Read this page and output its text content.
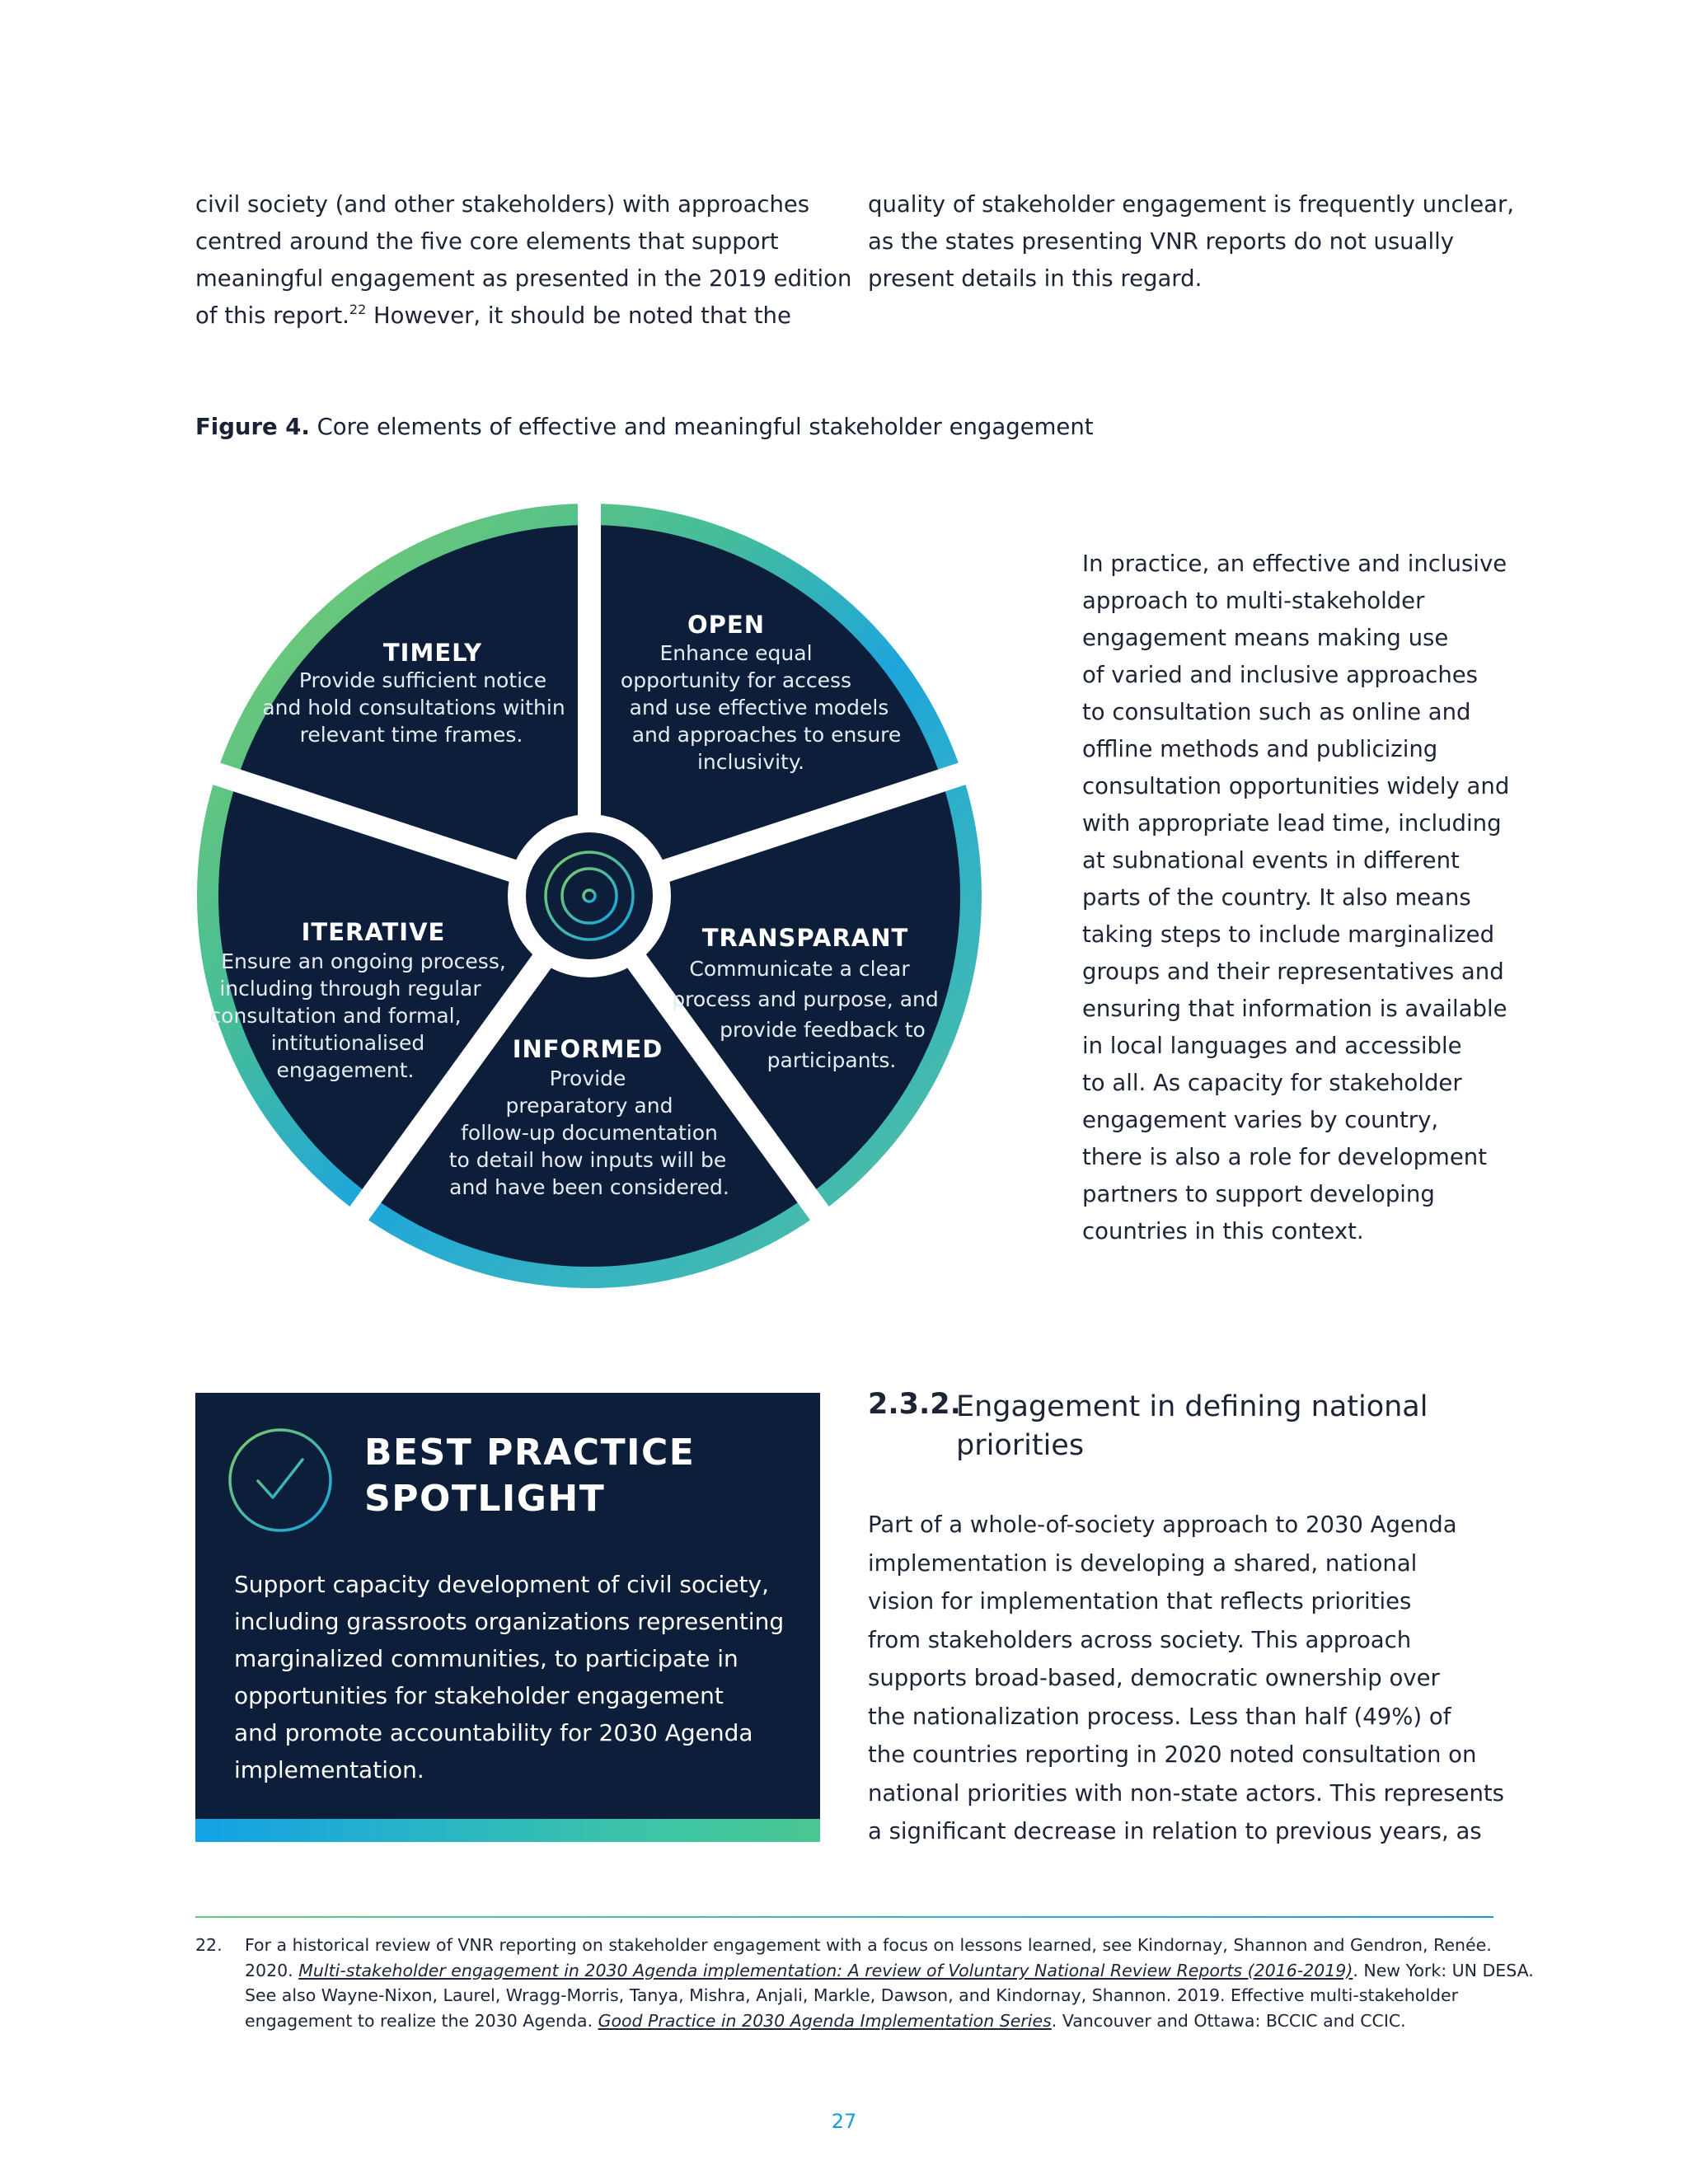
civil society (and other stakeholders) with approaches
centred around the five core elements that support
meaningful engagement as presented in the 2019 edition
of this report.$^{22}$ However, it should be noted that the
quality of stakeholder engagement is frequently unclear,
as the states presenting VNR reports do not usually
present details in this regard.
Figure 4. Core elements of effective and meaningful stakeholder engagement
TIMELY
Provide sufficient notice
and hold consultations within
relevant time frames.
OPEN
Enhance equal
opportunity for access
and use effective models
and approaches to ensure
inclusivity.
TRANSPARANT
Communicate a clear
process and purpose, and
provide feedback to
participants.
INFORMED
Provide
preparatory and
follow-up documentation
to detail how inputs will be
and have been considered.
ITERATIVE
Ensure an ongoing process,
including through regular
consultation and formal,
intitutionalised
engagement.
In practice, an effective and inclusive
approach to multi-stakeholder
engagement means making use
of varied and inclusive approaches
to consultation such as online and
offline methods and publicizing
consultation opportunities widely and
with appropriate lead time, including
at subnational events in different
parts of the country. It also means
taking steps to include marginalized
groups and their representatives and
ensuring that information is available
in local languages and accessible
to all. As capacity for stakeholder
engagement varies by country,
there is also a role for development
partners to support developing
countries in this context.
BEST PRACTICE
SPOTLIGHT
Support capacity development of civil society,
including grassroots organizations representing
marginalized communities, to participate in
opportunities for stakeholder engagement
and promote accountability for 2030 Agenda
implementation.
2.3.2.
Engagement in defining national
priorities
Part of a whole-of-society approach to 2030 Agenda
implementation is developing a shared, national
vision for implementation that reflects priorities
from stakeholders across society. This approach
supports broad-based, democratic ownership over
the nationalization process. Less than half (49%) of
the countries reporting in 2020 noted consultation on
national priorities with non-state actors. This represents
a significant decrease in relation to previous years, as
22. For a historical review of VNR reporting on stakeholder engagement with a focus on lessons learned, see Kindornay, Shannon and Gendron, Renée.
2020. Multi-stakeholder engagement in 2030 Agenda implementation: A review of Voluntary National Review Reports (2016-2019). New York: UN DESA.
See also Wayne-Nixon, Laurel, Wragg-Morris, Tanya, Mishra, Anjali, Markle, Dawson, and Kindornay, Shannon. 2019. Effective multi-stakeholder
engagement to realize the 2030 Agenda. Good Practice in 2030 Agenda Implementation Series. Vancouver and Ottawa: BCCIC and CCIC.
27
